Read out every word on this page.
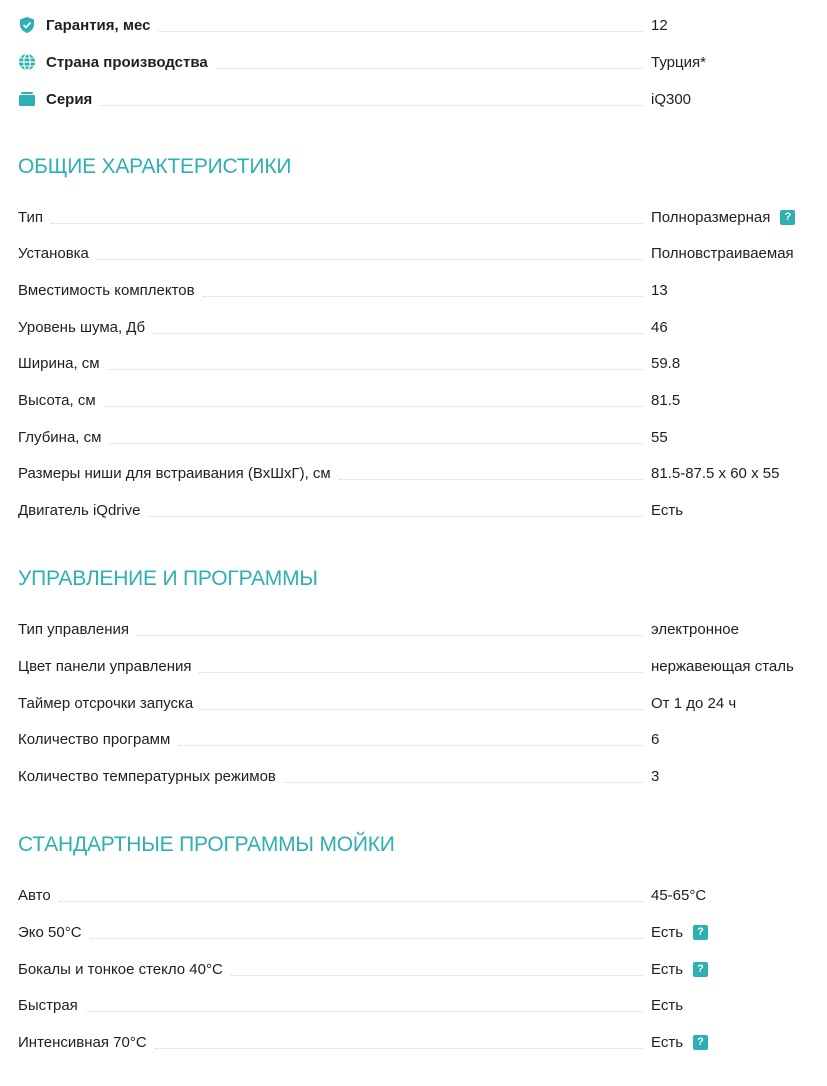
Гарантия, мес	12
Страна производства	Турция*
Серия	iQ300
ОБЩИЕ ХАРАКТЕРИСТИКИ
Тип	Полноразмерная	?
Установка	Полновстраиваемая
Вместимость комплектов	13
Уровень шума, Дб	46
Ширина, см	59.8
Высота, см	81.5
Глубина, см	55
Размеры ниши для встраивания (ВхШхГ), см	81.5-87.5 x 60 x 55
Двигатель iQdrive	Есть
УПРАВЛЕНИЕ И ПРОГРАММЫ
Тип управления	электронное
Цвет панели управления	нержавеющая сталь
Таймер отсрочки запуска	От 1 до 24 ч
Количество программ	6
Количество температурных режимов	3
СТАНДАРТНЫЕ ПРОГРАММЫ МОЙКИ
Авто	45-65°C
Эко 50°C	Есть	?
Бокалы и тонкое стекло 40°C	Есть	?
Быстрая	Есть
Интенсивная 70°C	Есть	?
